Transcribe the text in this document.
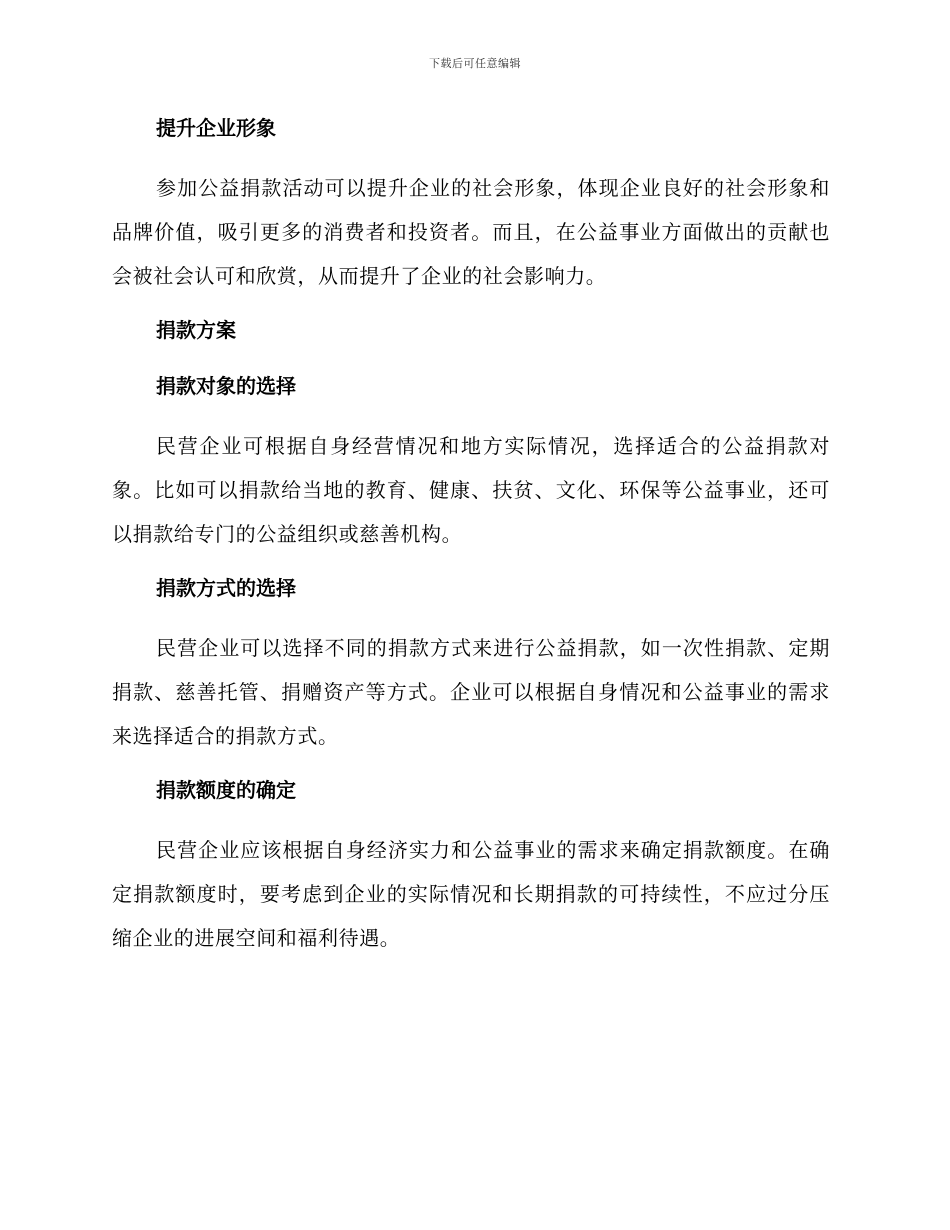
下载后可任意编辑
提升企业形象
参加公益捐款活动可以提升企业的社会形象，体现企业良好的社会形象和品牌价值，吸引更多的消费者和投资者。而且，在公益事业方面做出的贡献也会被社会认可和欣赏，从而提升了企业的社会影响力。
捐款方案
捐款对象的选择
民营企业可根据自身经营情况和地方实际情况，选择适合的公益捐款对象。比如可以捐款给当地的教育、健康、扶贫、文化、环保等公益事业，还可以捐款给专门的公益组织或慈善机构。
捐款方式的选择
民营企业可以选择不同的捐款方式来进行公益捐款，如一次性捐款、定期捐款、慈善托管、捐赠资产等方式。企业可以根据自身情况和公益事业的需求来选择适合的捐款方式。
捐款额度的确定
民营企业应该根据自身经济实力和公益事业的需求来确定捐款额度。在确定捐款额度时，要考虑到企业的实际情况和长期捐款的可持续性，不应过分压缩企业的进展空间和福利待遇。
